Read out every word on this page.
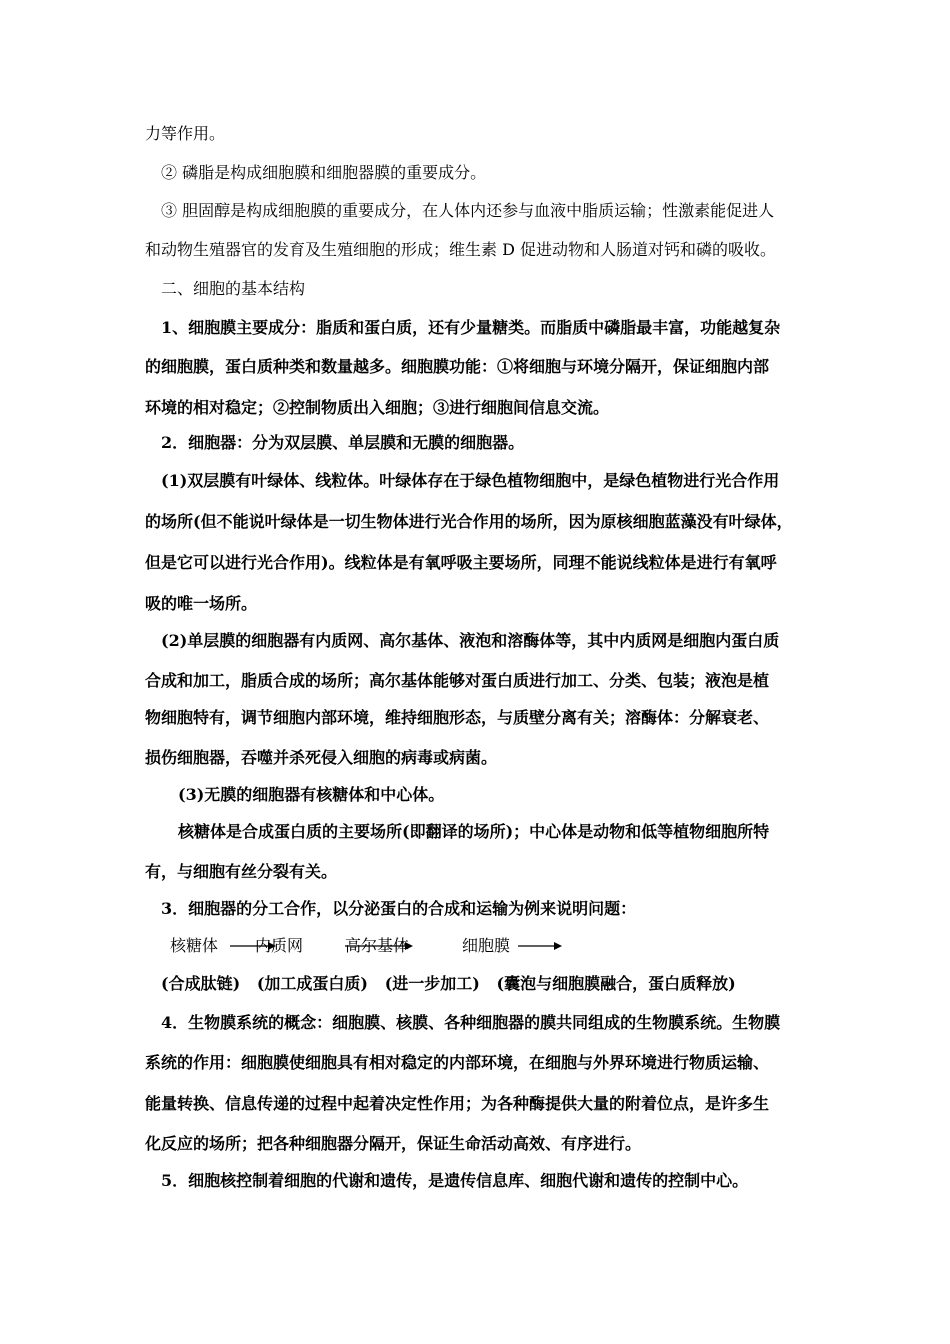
力等作用。
② 磷脂是构成细胞膜和细胞器膜的重要成分。
③ 胆固醇是构成细胞膜的重要成分，在人体内还参与血液中脂质运输；性激素能促进人
和动物生殖器官的发育及生殖细胞的形成；维生素 D 促进动物和人肠道对钙和磷的吸收。
二、细胞的基本结构
1、细胞膜主要成分：脂质和蛋白质，还有少量糖类。而脂质中磷脂最丰富，功能越复杂
的细胞膜，蛋白质种类和数量越多。细胞膜功能：①将细胞与环境分隔开，保证细胞内部
环境的相对稳定；②控制物质出入细胞；③进行细胞间信息交流。
2．细胞器：分为双层膜、单层膜和无膜的细胞器。
(1)双层膜有叶绿体、线粒体。叶绿体存在于绿色植物细胞中，是绿色植物进行光合作用
的场所(但不能说叶绿体是一切生物体进行光合作用的场所，因为原核细胞蓝藻没有叶绿体，
但是它可以进行光合作用)。线粒体是有氧呼吸主要场所，同理不能说线粒体是进行有氧呼
吸的唯一场所。
(2)单层膜的细胞器有内质网、高尔基体、液泡和溶酶体等，其中内质网是细胞内蛋白质
合成和加工，脂质合成的场所；高尔基体能够对蛋白质进行加工、分类、包装；液泡是植
物细胞特有，调节细胞内部环境，维持细胞形态，与质壁分离有关；溶酶体：分解衰老、
损伤细胞器，吞噬并杀死侵入细胞的病毒或病菌。
(3)无膜的细胞器有核糖体和中心体。
核糖体是合成蛋白质的主要场所(即翻译的场所)；中心体是动物和低等植物细胞所特
有，与细胞有丝分裂有关。
3．细胞器的分工合作，以分泌蛋白的合成和运输为例来说明问题：
核糖体 内质网	高尔基体	细胞膜
(合成肽链)   (加工成蛋白质)   (进一步加工)   (囊泡与细胞膜融合，蛋白质释放)
4．生物膜系统的概念：细胞膜、核膜、各种细胞器的膜共同组成的生物膜系统。生物膜
系统的作用：细胞膜使细胞具有相对稳定的内部环境，在细胞与外界环境进行物质运输、
能量转换、信息传递的过程中起着决定性作用；为各种酶提供大量的附着位点，是许多生
化反应的场所；把各种细胞器分隔开，保证生命活动高效、有序进行。
5．细胞核控制着细胞的代谢和遗传，是遗传信息库、细胞代谢和遗传的控制中心。
